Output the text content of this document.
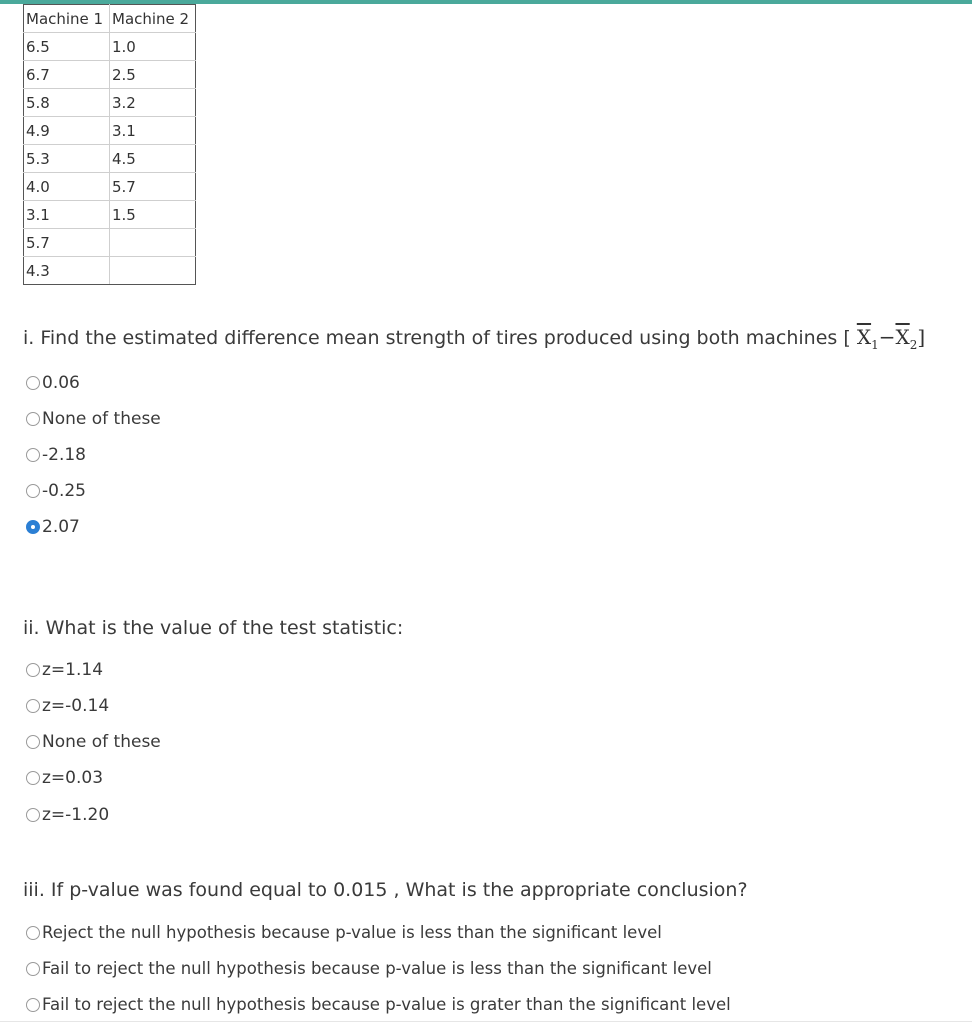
Machine 1	Machine 2
6.5	1.0
6.7	2.5
5.8	3.2
4.9	3.1
5.3	4.5
4.0	5.7
3.1	1.5
5.7	
4.3	
i. Find the estimated difference mean strength of tires produced using both machines [ $\overline{X}_1-\overline{X}_2$]
0.06
None of these
-2.18
-0.25
2.07
ii. What is the value of the test statistic:
z=1.14
z=-0.14
None of these
z=0.03
z=-1.20
iii. If p-value was found equal to 0.015 , What is the appropriate conclusion?
Reject the null hypothesis because p-value is less than the significant level
Fail to reject the null hypothesis because p-value is less than the significant level
Fail to reject the null hypothesis because p-value is grater than the significant level
